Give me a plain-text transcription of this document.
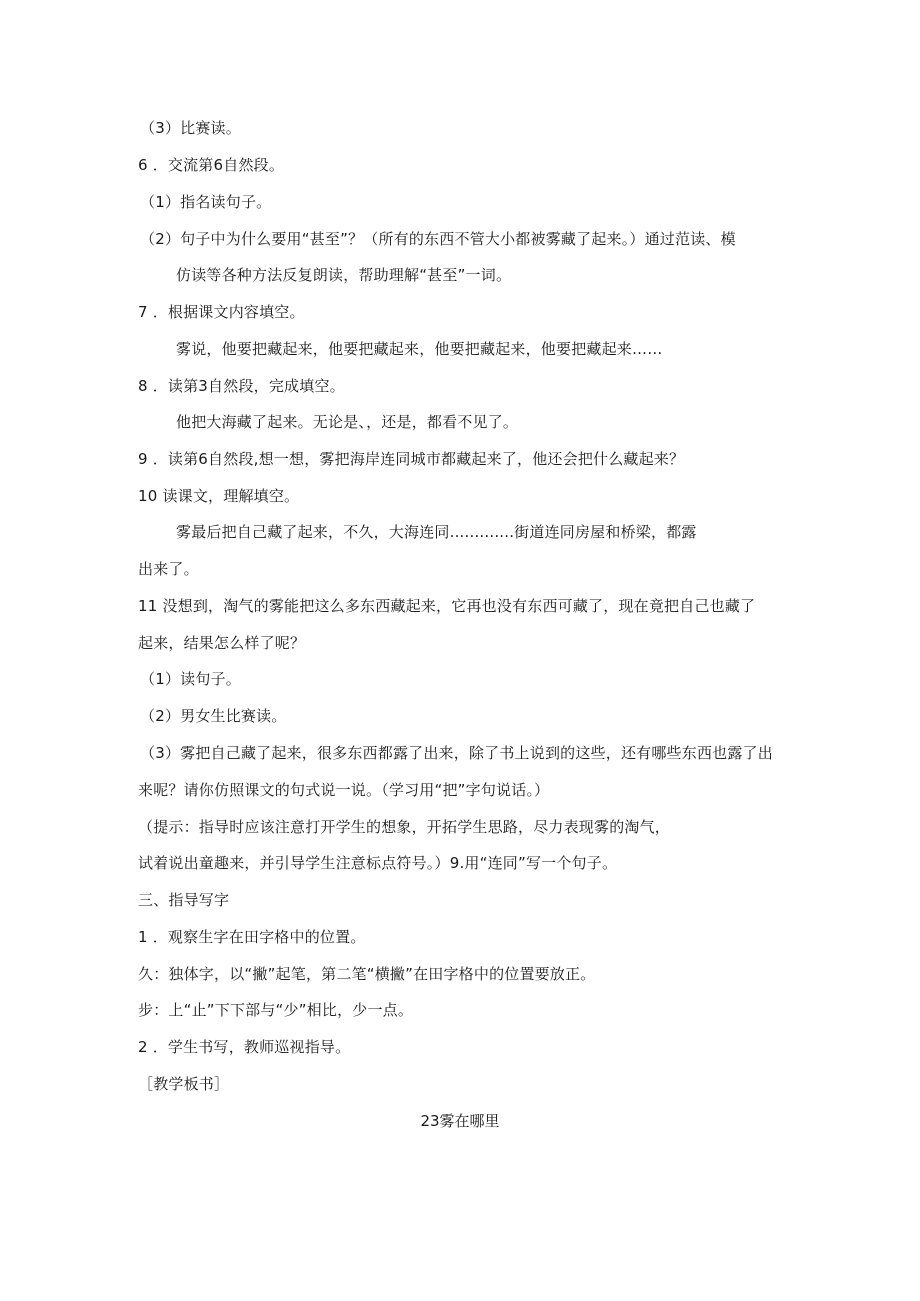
（3）比赛读。
6 ．交流第6自然段。
（1）指名读句子。
（2）句子中为什么要用“甚至”？（所有的东西不管大小都被雾藏了起来。）通过范读、模
仿读等各种方法反复朗读，帮助理解“甚至”一词。
7 ．根据课文内容填空。
雾说，他要把藏起来，他要把藏起来，他要把藏起来，他要把藏起来……
8 ．读第3自然段，完成填空。
他把大海藏了起来。无论是、，还是，都看不见了。
9 ．读第6自然段,想一想，雾把海岸连同城市都藏起来了，他还会把什么藏起来？
10 读课文，理解填空。
雾最后把自己藏了起来，不久，大海连同.............街道连同房屋和桥梁，都露
出来了。
11 没想到，淘气的雾能把这么多东西藏起来，它再也没有东西可藏了，现在竟把自己也藏了
起来，结果怎么样了呢？
（1）读句子。
（2）男女生比赛读。
（3）雾把自己藏了起来，很多东西都露了出来，除了书上说到的这些，还有哪些东西也露了出
来呢？请你仿照课文的句式说一说。（学习用“把”字句说话。）
（提示：指导时应该注意打开学生的想象，开拓学生思路，尽力表现雾的淘气，
试着说出童趣来，并引导学生注意标点符号。）9.用“连同”写一个句子。
三、指导写字
1 ．观察生字在田字格中的位置。
久：独体字，以“撇”起笔，第二笔“横撇”在田字格中的位置要放正。
步：上“止”下下部与“少”相比，少一点。
2 ．学生书写，教师巡视指导。
［教学板书］
23雾在哪里
